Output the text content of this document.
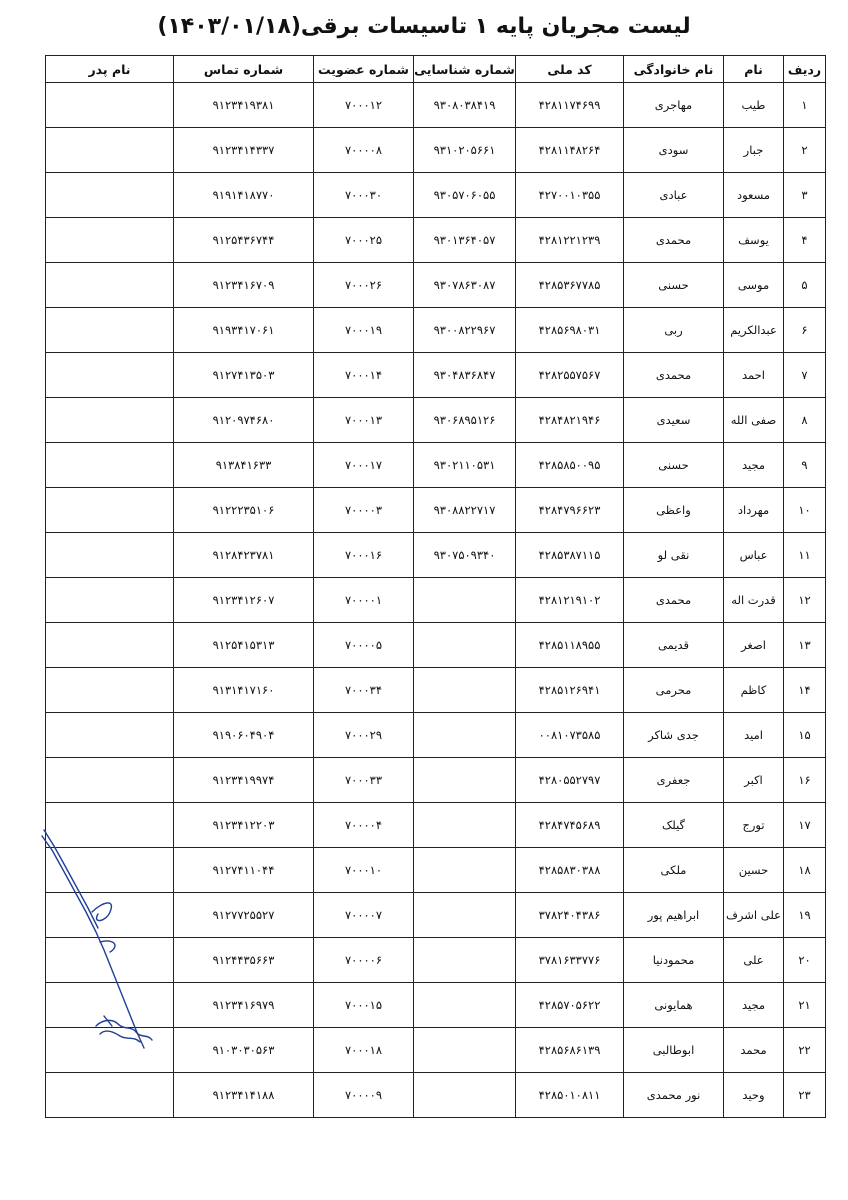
لیست مجریان پایه ۱ تاسیسات برقی(۱۴۰۳/۰۱/۱۸)
ردیف	نام	نام خانوادگی	کد ملی	شماره شناسایی	شماره عضویت	شماره تماس	نام پدر
۱	طیب	مهاجری	۴۲۸۱۱۷۴۶۹۹	۹۳۰۸۰۳۸۴۱۹	۷۰۰۰۱۲	۹۱۲۳۴۱۹۳۸۱	
۲	جبار	سودی	۴۲۸۱۱۴۸۲۶۴	۹۳۱۰۲۰۵۶۶۱	۷۰۰۰۰۸	۹۱۲۳۴۱۴۳۳۷	
۳	مسعود	عبادی	۴۲۷۰۰۱۰۳۵۵	۹۳۰۵۷۰۶۰۵۵	۷۰۰۰۳۰	۹۱۹۱۴۱۸۷۷۰	
۴	یوسف	محمدی	۴۲۸۱۲۲۱۲۳۹	۹۳۰۱۳۶۴۰۵۷	۷۰۰۰۲۵	۹۱۲۵۴۳۶۷۴۴	
۵	موسی	حسنی	۴۲۸۵۳۶۷۷۸۵	۹۳۰۷۸۶۳۰۸۷	۷۰۰۰۲۶	۹۱۲۳۴۱۶۷۰۹	
۶	عبدالکریم	ربی	۴۲۸۵۶۹۸۰۳۱	۹۳۰۰۸۲۲۹۶۷	۷۰۰۰۱۹	۹۱۹۳۴۱۷۰۶۱	
۷	احمد	محمدی	۴۲۸۲۵۵۷۵۶۷	۹۳۰۴۸۳۶۸۴۷	۷۰۰۰۱۴	۹۱۲۷۴۱۳۵۰۳	
۸	صفی الله	سعیدی	۴۲۸۴۸۲۱۹۴۶	۹۳۰۶۸۹۵۱۲۶	۷۰۰۰۱۳	۹۱۲۰۹۷۴۶۸۰	
۹	مجید	حسنی	۴۲۸۵۸۵۰۰۹۵	۹۳۰۲۱۱۰۵۳۱	۷۰۰۰۱۷	۹۱۳۸۴۱۶۳۳	
۱۰	مهرداد	واعظی	۴۲۸۴۷۹۶۶۲۳	۹۳۰۸۸۲۲۷۱۷	۷۰۰۰۰۳	۹۱۲۲۲۳۵۱۰۶	
۱۱	عباس	نقی لو	۴۲۸۵۳۸۷۱۱۵	۹۳۰۷۵۰۹۳۴۰	۷۰۰۰۱۶	۹۱۲۸۴۲۳۷۸۱	
۱۲	قدرت اله	محمدی	۴۲۸۱۲۱۹۱۰۲		۷۰۰۰۰۱	۹۱۲۳۴۱۲۶۰۷	
۱۳	اصغر	قدیمی	۴۲۸۵۱۱۸۹۵۵		۷۰۰۰۰۵	۹۱۲۵۴۱۵۳۱۳	
۱۴	کاظم	محرمی	۴۲۸۵۱۲۶۹۴۱		۷۰۰۰۳۴	۹۱۳۱۴۱۷۱۶۰	
۱۵	امید	جدی شاکر	۰۰۸۱۰۷۳۵۸۵		۷۰۰۰۲۹	۹۱۹۰۶۰۴۹۰۴	
۱۶	اکبر	جعفری	۴۲۸۰۵۵۲۷۹۷		۷۰۰۰۳۳	۹۱۲۳۴۱۹۹۷۴	
۱۷	تورج	گیلک	۴۲۸۴۷۴۵۶۸۹		۷۰۰۰۰۴	۹۱۲۳۴۱۲۲۰۳	
۱۸	حسین	ملکی	۴۲۸۵۸۳۰۳۸۸		۷۰۰۰۱۰	۹۱۲۷۴۱۱۰۴۴	
۱۹	علی اشرف	ابراهیم پور	۳۷۸۲۴۰۴۳۸۶		۷۰۰۰۰۷	۹۱۲۷۷۲۵۵۲۷	
۲۰	علی	محمودنیا	۳۷۸۱۶۳۳۷۷۶		۷۰۰۰۰۶	۹۱۲۴۴۳۵۶۶۳	
۲۱	مجید	همایونی	۴۲۸۵۷۰۵۶۲۲		۷۰۰۰۱۵	۹۱۲۳۴۱۶۹۷۹	
۲۲	محمد	ابوطالبی	۴۲۸۵۶۸۶۱۳۹		۷۰۰۰۱۸	۹۱۰۳۰۳۰۵۶۳	
۲۳	وحید	نور محمدی	۴۲۸۵۰۱۰۸۱۱		۷۰۰۰۰۹	۹۱۲۳۴۱۴۱۸۸	
